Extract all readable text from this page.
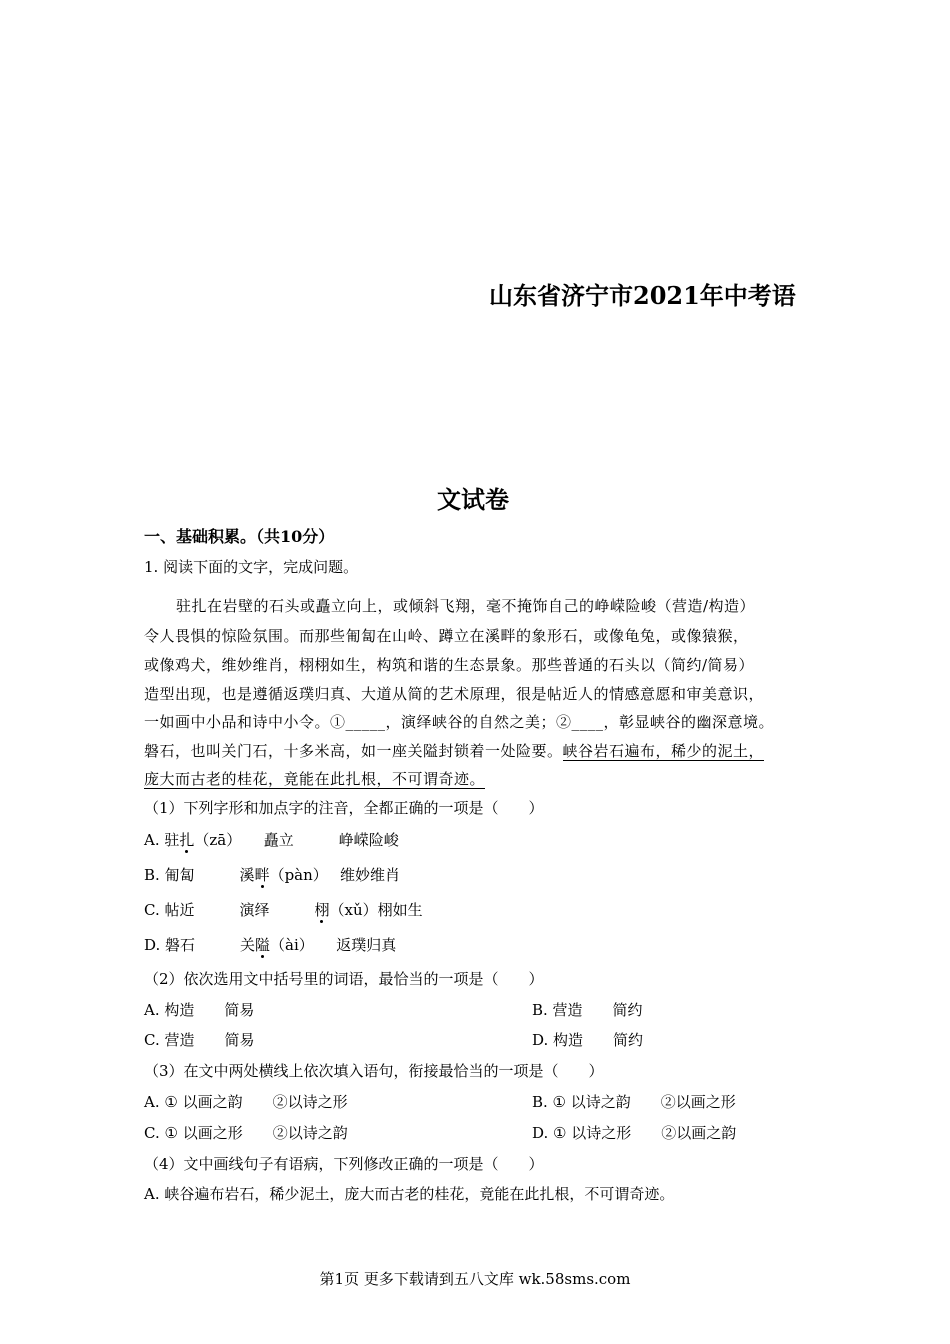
山东省济宁市2021年中考语
文试卷
一、基础积累。（共10分）
1. 阅读下面的文字，完成问题。
驻扎在岩壁的石头或矗立向上，或倾斜飞翔，毫不掩饰自己的峥嵘险峻（营造/构造）
令人畏惧的惊险氛围。而那些匍匐在山岭、蹲立在溪畔的象形石，或像龟兔，或像猿猴，
或像鸡犬，维妙维肖，栩栩如生，构筑和谐的生态景象。那些普通的石头以（简约/简易）
造型出现，也是遵循返璞归真、大道从简的艺术原理，很是帖近人的情感意愿和审美意识，
一如画中小品和诗中小令。①_____，演绎峡谷的自然之美；②____，彰显峡谷的幽深意境。
磐石，也叫关门石，十多米高，如一座关隘封锁着一处险要。峡谷岩石遍布，稀少的泥土，
庞大而古老的桂花，竟能在此扎根，不可谓奇迹。
（1）下列字形和加点字的注音，全都正确的一项是（　　）
A. 驻扎（zā）　　矗立　　　峥嵘险峻
B. 匍匐　　　溪畔（pàn）　 维妙维肖
C. 帖近　　　演绎　　　栩（xǔ）栩如生
D. 磐石　　　关隘（ài）　　返璞归真
（2）依次选用文中括号里的词语，最恰当的一项是（　　）
A. 构造　　简易	B. 营造　　简约
C. 营造　　简易	D. 构造　　简约
（3）在文中两处横线上依次填入语句，衔接最恰当的一项是（　　）
A. ① 以画之韵　　②以诗之形	B. ① 以诗之韵　　②以画之形
C. ① 以画之形　　②以诗之韵	D. ① 以诗之形　　②以画之韵
（4）文中画线句子有语病，下列修改正确的一项是（　　）
A. 峡谷遍布岩石，稀少泥土，庞大而古老的桂花，竟能在此扎根，不可谓奇迹。
第1页 更多下载请到五八文库 wk.58sms.com
